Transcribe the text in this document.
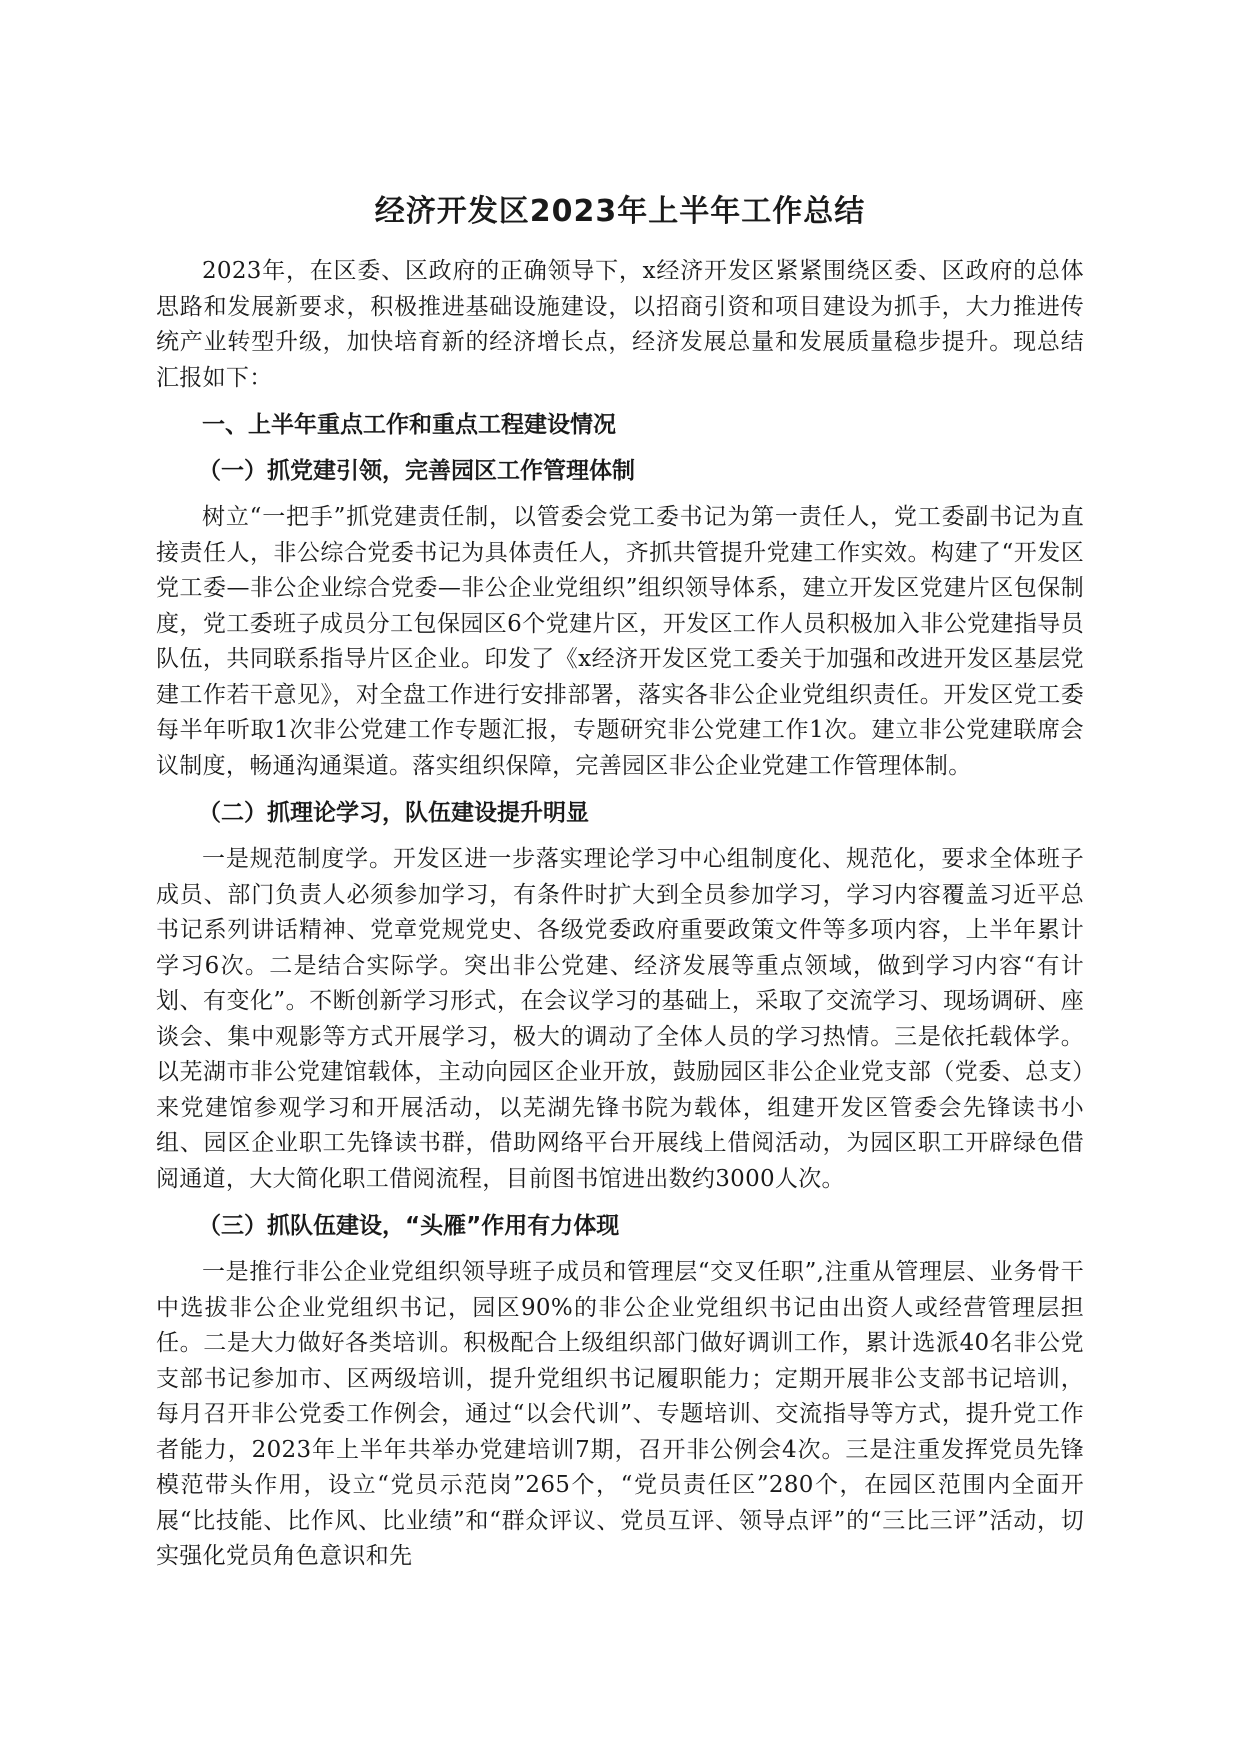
经济开发区2023年上半年工作总结

2023年，在区委、区政府的正确领导下，x经济开发区紧紧围绕区委、区政府的总体思路和发展新要求，积极推进基础设施建设，以招商引资和项目建设为抓手，大力推进传统产业转型升级，加快培育新的经济增长点，经济发展总量和发展质量稳步提升。现总结汇报如下：

一、上半年重点工作和重点工程建设情况
（一）抓党建引领，完善园区工作管理体制

树立“一把手”抓党建责任制，以管委会党工委书记为第一责任人，党工委副书记为直接责任人，非公综合党委书记为具体责任人，齐抓共管提升党建工作实效。构建了“开发区党工委—非公企业综合党委—非公企业党组织”组织领导体系，建立开发区党建片区包保制度，党工委班子成员分工包保园区6个党建片区，开发区工作人员积极加入非公党建指导员队伍，共同联系指导片区企业。印发了《x经济开发区党工委关于加强和改进开发区基层党建工作若干意见》，对全盘工作进行安排部署，落实各非公企业党组织责任。开发区党工委每半年听取1次非公党建工作专题汇报，专题研究非公党建工作1次。建立非公党建联席会议制度，畅通沟通渠道。落实组织保障，完善园区非公企业党建工作管理体制。

（二）抓理论学习，队伍建设提升明显

一是规范制度学。开发区进一步落实理论学习中心组制度化、规范化，要求全体班子成员、部门负责人必须参加学习，有条件时扩大到全员参加学习，学习内容覆盖习近平总书记系列讲话精神、党章党规党史、各级党委政府重要政策文件等多项内容，上半年累计学习6次。二是结合实际学。突出非公党建、经济发展等重点领域，做到学习内容“有计划、有变化”。不断创新学习形式，在会议学习的基础上，采取了交流学习、现场调研、座谈会、集中观影等方式开展学习，极大的调动了全体人员的学习热情。三是依托载体学。以芜湖市非公党建馆载体，主动向园区企业开放，鼓励园区非公企业党支部（党委、总支）来党建馆参观学习和开展活动，以芜湖先锋书院为载体，组建开发区管委会先锋读书小组、园区企业职工先锋读书群，借助网络平台开展线上借阅活动，为园区职工开辟绿色借阅通道，大大简化职工借阅流程，目前图书馆进出数约3000人次。

（三）抓队伍建设，“头雁”作用有力体现

一是推行非公企业党组织领导班子成员和管理层“交叉任职”,注重从管理层、业务骨干中选拔非公企业党组织书记，园区90%的非公企业党组织书记由出资人或经营管理层担任。二是大力做好各类培训。积极配合上级组织部门做好调训工作，累计选派40名非公党支部书记参加市、区两级培训，提升党组织书记履职能力；定期开展非公支部书记培训，每月召开非公党委工作例会，通过“以会代训”、专题培训、交流指导等方式，提升党工作者能力，2023年上半年共举办党建培训7期，召开非公例会4次。三是注重发挥党员先锋模范带头作用，设立“党员示范岗”265个，“党员责任区”280个，在园区范围内全面开展“比技能、比作风、比业绩”和“群众评议、党员互评、领导点评”的“三比三评”活动，切实强化党员角色意识和先
